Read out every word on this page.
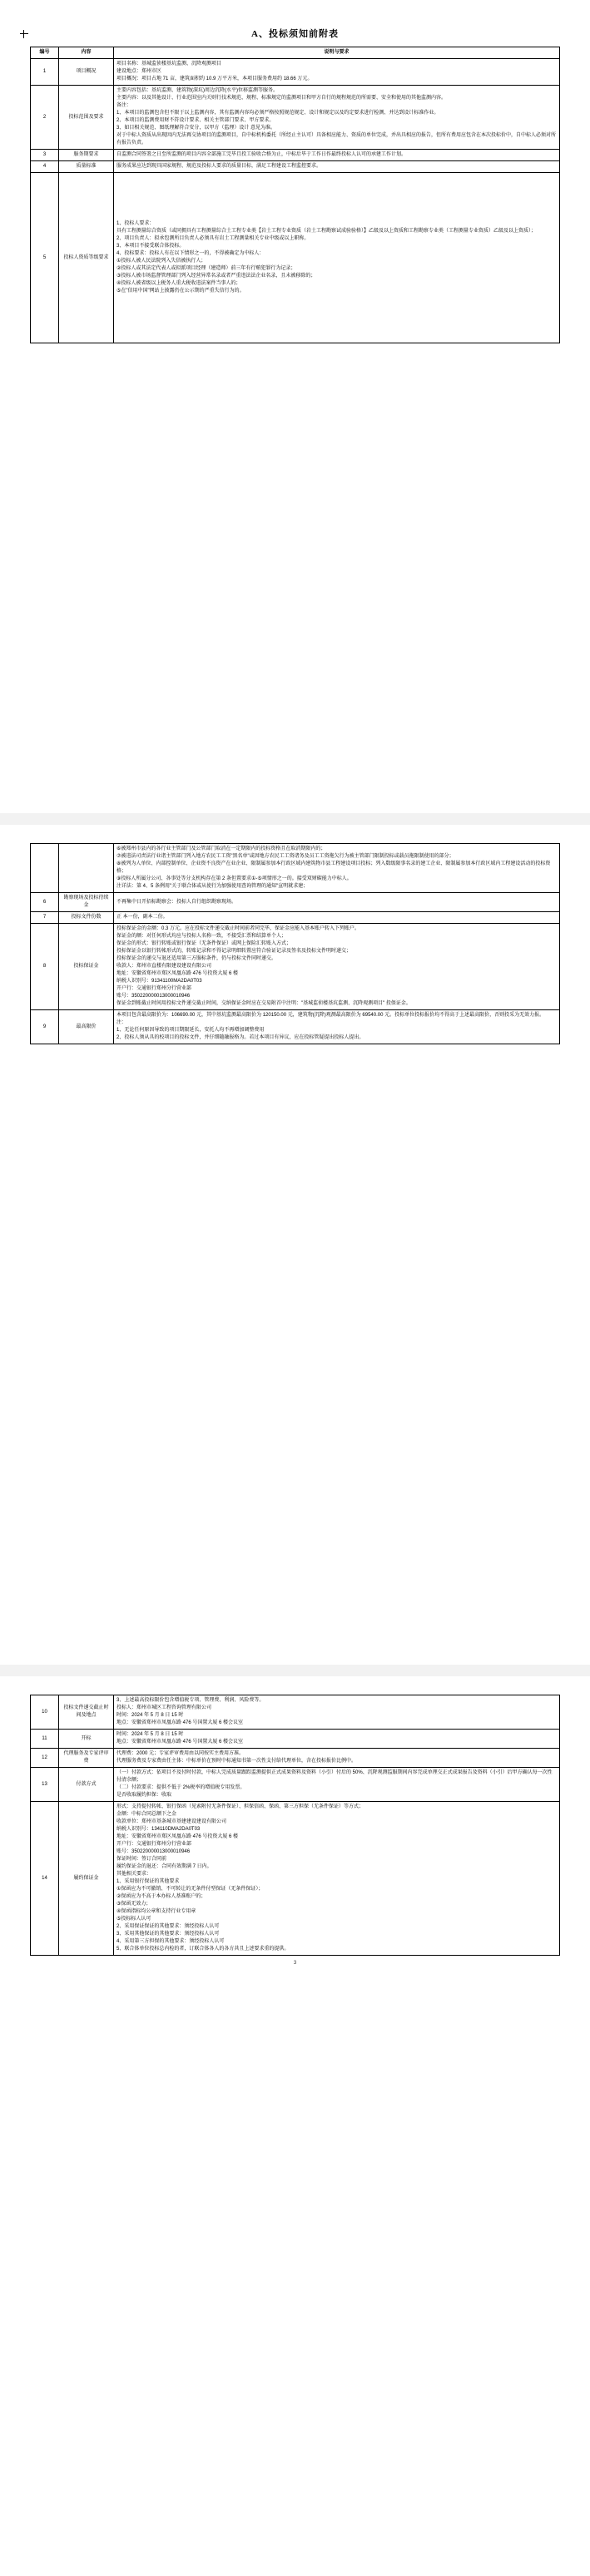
A、投标须知前附表
编号	内容	说明与要求
1	项目概况	项目名称：基城监侦楼基坑监测、沉降观测项目

建设地点：郑州市区

项目概况：项目占地 71 亩，建筑面积约 10.9 万平方米，本项目服务费用约 18.66 万元。

2	投标范围及要求	

主要内容包括：基坑监测、建筑物(深坑)周边沉降(水平)位移监测等服务。

主要内容：以及其他设计、行业范围室内关则行技术规范、规程、标准规定的监测项目和甲方自行的规程规范的所需要、安全和使用的其他监测内容。

备注：

1、本项目的监测包含但不限于以上监测内容，其有监测内容均必须严格按照规范规定、设计和规定以及约定要求进行检测、并达到设计标准作业。

2、本项目的监测费用财不符设计要求、相关主管部门要求、甲方要求。

3、如目相关规范、图纸理解符合安分，以甲方（监理）设计 意见为准。

对于中标人资质从出现因内无法再交协项目的监测项目，自中标机构委托（所经止主认可）具备相应能力、资质的单位完成，并出具相应的报告，但所有费用应包含在本次投标价中，自中标人必须对所有报告负责。

3	服务期要求	自监测合同签署之日至所监测的项目内容全部施工完毕且投工验收合格为止，中标后毕于工作日作最终投标人认可的承建工作计划。

4	质量标准	服务成果应达到现具国家规程、规范及投标人要求的质量目标，满足工程建设工程监控要求。

5	投标人资质等级要求	

1、投标人要求：

具有工程测量综合资质（或同拥具有工程测量综合土工程专业类【岩土工程专业资质（岩土工程勘察试成验验格）】乙级及以上资质和工程勘察专业类（工程测量专业资质）乙级及以上资质）；

2、项目负责人：拟承包测所目负责人必须具有岩土工程测量相关专业中级或以上职称。

3、本项目不接受联合体投标。

4、投标要求：投标人有在以下情形之一的，不得被确定为中标人：

①投标人被人民法院列入失信被执行人；

②投标人或其法定代表人或拟派项目经理（建造师）前三年有行贿犯罪行为记录；

③投标人被市场监督管理部门列入经营异常名录或者严重违法法企业名录，且未被移除的；

④投标人被省级以上税务人重大税收违法案件当事人的；

⑤在"信用中国"网站上披露仍在公示期的严重失信行为的。

		⑥被郑州市县内的各行业主管部门及公管部门取消在一定期限内的投标资格且在取消期限内的；

⑦被违法司责法行业诸主管部门列入地方农民工工资"黑名单"或因地方农民工工资诸务及员工工资拖欠行为被主管部门限制投标或载员拖限制使用的部分；

⑧被列为人单位、内部控制单位、企业资不良资产在业企业、限制属参加本行政区域内建筑物市县工程建设项目投标；列入数级限事名录的建工企业、限制属参加本行政区域内工程建设活动的投标资格；

⑨投标人所属分公司、各事处等分支机构存在第 2 条但置要求①-⑤项情形之一的。接受双财碳能力中标人。

注详法：第 4、5 条例用"关于联合体或从使行为加强使用查询管理的通知"宣明就求建；

6	勘察现场及投标待续金	不再集中日开招标勘察会：投标人自行组织勘察现场。

7	投标文件份数	正 本一份，副本二份。

8	投标保证金	

投标保证金的金额：0.3 万元。应在投标文件递交截止时间前者同完毕，保证金应能入基本账户转入下列账户。

保证金的额：对任何形式均应与投标人名称一致，不接受汇票和结算单个人；

保证金的形式：银行转账或银行保证（无条件保证）或网上保险汇转账入方式；

投标保证金以银行转帐形式的，转账记录和不得记录明细转置应符合验证记录及签名及投标文件明时递交；

投标保证金的递交与退还适用第三方服标条件，仍与投标文件同时递交。

收款人：郑州市直楼有限建设建设有限公司

地址：安徽省郑州市郑区凤凰东路 476 号投资大厦 6 楼

纳税人识别号：91341100MA2DA0T03

开户行：交通银行郑州分行营业部

账号：350220000013000010946

保证金到账截止时间用投标文件递交截止时间，交纳保证金时应在交易附首中注明："基城监侦楼基坑监测、沉降观测项目" 投保证金。

9	最高限价	本项目包含最高限价为：106690.00 元，其中基坑监测最高限价为 120150.00 元，建筑物(沉降)观测最高限价为 69540.00 元。投标单位投标报价均不得高于上述最高限价，否则投采为无效力报。

注：

1、无论任何原因导致的项目期限延长，安托人均不再增加调整费用

2、投标人须从具的校项目的投标文件，并仔细随融报格为。若过本项目有异议，应在投标管疑提出投标人提出。

10	投标文件递交截止时间及地点	3、上述最高投标限价包含增值税专项、管理费、利润、风险费等。

投标人：郑州市城区工程咨询管理有限公司

时间：2024 年 5 月 8 日 15 时

地点：安徽省郑州市凤凰东路 476 号国置大厦 6 楼会议室

11	开标	时间：2024 年 5 月 8 日 15 时

地点：安徽省郑州市凤凰东路 476 号国置大厦 6 楼会议室

12	代理服务及专家评审费	代理费：2000 元；专家评审费用由以同按实主费用方准。

代理服务费及专家费由任主体：中标单价在预时中标通知书第一次性支付给代理单位，含在投标报价比例中。

13	付款方式	（一）付款方式：依项目不及付时付款，中标人完成质量跟踪监测提供正式成果资料及资料（小引）付后的 50%、沉降观测监服期间内容完成单理交正式成果报告及资料（小引）后甲方确认每一次性付清余额；

（二）付款要求：提供不低于 2%税率的增值税专用发票。

是否收取履约担保：收取

14	履约保证金	

形式：支持提付转帐、银行保函（见索附付无条件保证）、担保信函、保函、第三方担保（无条件保证）等方式；

金额：中标合同总额下之金

收款单位：郑州市基条城市基建建设建设有限公司

纳税人识别号：134110DMA2DA0T03

地址：安徽省郑州市郑区凤凰东路 476 号投资大厦 6 楼

开户行：交通银行郑州分行营业部

账号：350220000013000010946

保证时间：签订合同前

履约保证金的退还：合同有效期满 7 日内。

其他相关要求：

1、采用银行保证的其他要求

①保函应为不可撤销、不可转让的无条件付型保证（无条件保证）；

②保函应为不高于本办标人基准账户的；

③保函无效力；

④保函指标均公章和支持行业专用章

⑤投标标人认可

2、采用保证保证的其他要求：须经投标人认可

3、采用其他保证的其他要求：须经投标人认可

4、采用第三方担保的其他要求：须经投标人认可

5、联合体单位投标总内检的者，订联合体各人的各方共且上述要求重的提供。

3
